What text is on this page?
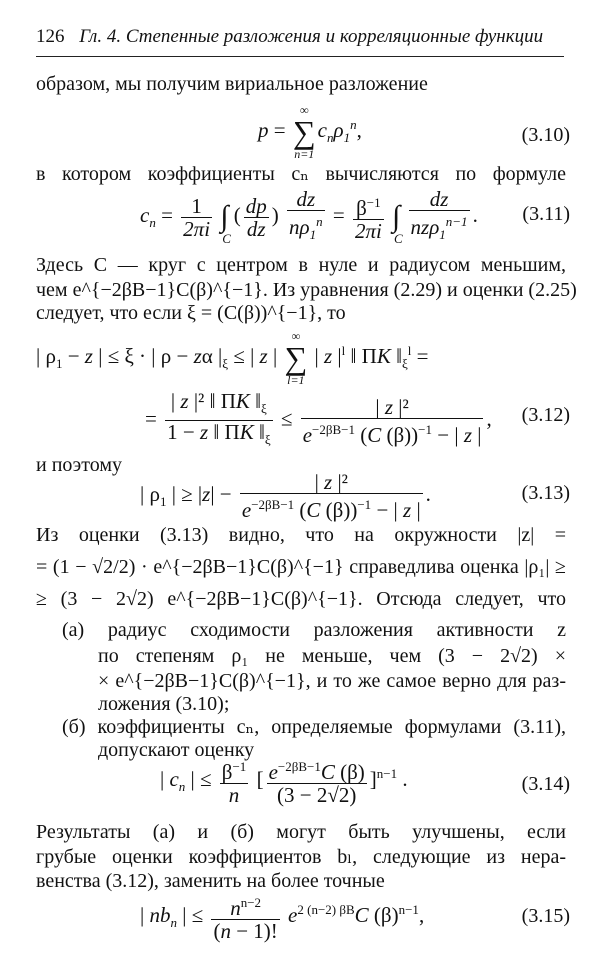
126 Гл. 4. Степенные разложения и корреляционные функции
образом, мы получим вириальное разложение
p =
∞
∑
n=1
$c_n\rho_1^n$,	(3.10)
в котором коэффициенты cₙ вычисляются по формуле
$c_n = \frac{1}{2\pi i}$ ∫
C
( $\frac{dp}{dz}$ ) $\frac{dz}{n\rho_1^n} = \frac{\beta^{-1}}{2\pi i}$ ∫
C
$\frac{dz}{nz\rho_1^{n-1}}$ . (3.11)
Здесь C — круг с центром в нуле и радиусом меньшим,
чем e^{−2βB−1}C(β)^{−1}. Из уравнения (2.29) и оценки (2.25)
следует, что если ξ = (C(β))^{−1}, то
| $\rho_1 - z$ | ≤ ξ · | ρ − zα $|_\xi$ ≤ | z |
∞
∑
l=1
| z $|^l$ ‖ ΠK $‖_\xi^l$ =
= $\frac{| z |^2 ‖ \Pi K ‖_\xi}{1 - z ‖ \Pi K ‖_\xi} \le \frac{\text{| z |²}}{e^{-2\beta B-1} (C (\beta))^{-1} - | z |}$ , (3.12)
и поэтому
| $\rho_1$ | ≥ $|z| - \frac{\text{| z |²}}{e^{-2\beta B-1} (C (\beta))^{-1} - | z |}$ .	(3.13)
Из оценки (3.13) видно, что на окружности |z| =
= (1 − √2/2) · e^{−2βB−1}C(β)^{−1} справедлива оценка |ρ₁| ≥
≥ (3 − 2√2) e^{−2βB−1}C(β)^{−1}. Отсюда следует, что
(а) радиус сходимости разложения активности z
по степеням ρ₁ не меньше, чем (3 − 2√2) ×
× e^{−2βB−1}C(β)^{−1}, и то же самое верно для раз-
ложения (3.10);
(б) коэффициенты cₙ, определяемые формулами (3.11),
допускают оценку
| $c_n$ | ≤ $\frac{\beta^{-1}}{n}$ [ $\frac{e^{-2\beta B-1}C (\beta)}{(3 - 2√2)} ]^{n-1}$ .	(3.14)
Результаты (а) и (б) могут быть улучшены, если
грубые оценки коэффициентов bₗ, следующие из нера-
венства (3.12), заменить на более точные
| $nb_n$ | ≤ $\frac{n^{n-2}}{(n - 1)!} e^{2 (n-2) \beta B}C$ $(\beta)^{n-1}$,	(3.15)
